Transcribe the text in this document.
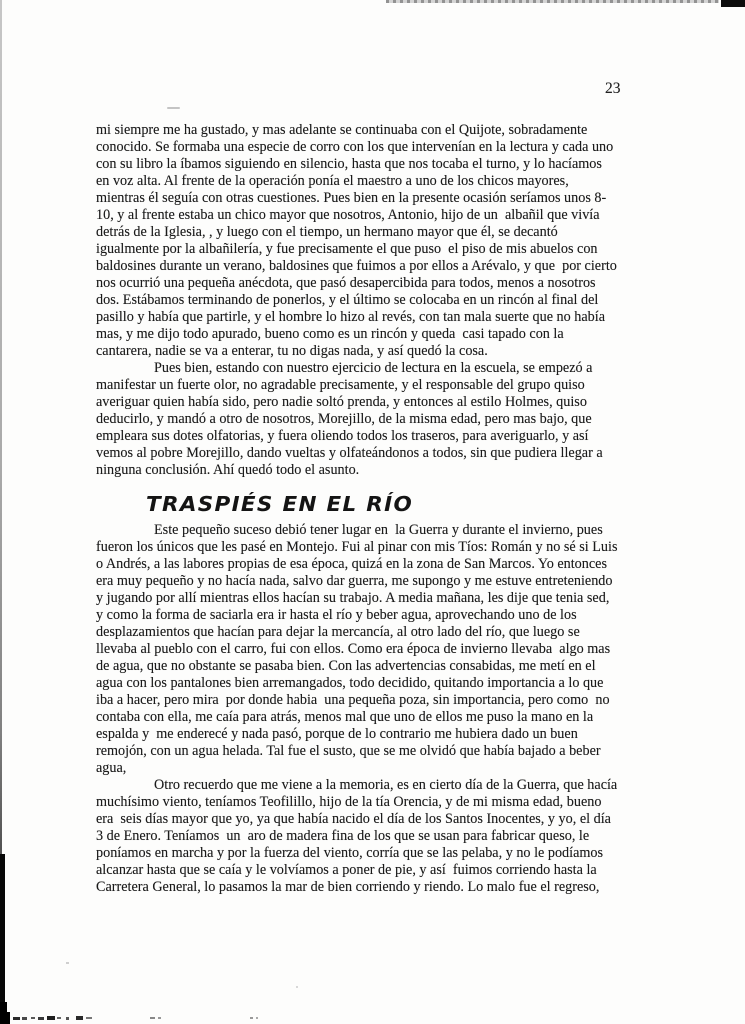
23
mi siempre me ha gustado, y mas adelante se continuaba con el Quijote, sobradamente
conocido. Se formaba una especie de corro con los que intervenían en la lectura y cada uno
con su libro la íbamos siguiendo en silencio, hasta que nos tocaba el turno, y lo hacíamos
en voz alta. Al frente de la operación ponía el maestro a uno de los chicos mayores,
mientras él seguía con otras cuestiones. Pues bien en la presente ocasión seríamos unos 8-
10, y al frente estaba un chico mayor que nosotros, Antonio, hijo de un  albañil que vivía
detrás de la Iglesia, , y luego con el tiempo, un hermano mayor que él, se decantó
igualmente por la albañilería, y fue precisamente el que puso  el piso de mis abuelos con
baldosines durante un verano, baldosines que fuimos a por ellos a Arévalo, y que  por cierto
nos ocurrió una pequeña anécdota, que pasó desapercibida para todos, menos a nosotros
dos. Estábamos terminando de ponerlos, y el último se colocaba en un rincón al final del
pasillo y había que partirle, y el hombre lo hizo al revés, con tan mala suerte que no había
mas, y me dijo todo apurado, bueno como es un rincón y queda  casi tapado con la
cantarera, nadie se va a enterar, tu no digas nada, y así quedó la cosa.
Pues bien, estando con nuestro ejercicio de lectura en la escuela, se empezó a
manifestar un fuerte olor, no agradable precisamente, y el responsable del grupo quiso
averiguar quien había sido, pero nadie soltó prenda, y entonces al estilo Holmes, quiso
deducirlo, y mandó a otro de nosotros, Morejillo, de la misma edad, pero mas bajo, que
empleara sus dotes olfatorias, y fuera oliendo todos los traseros, para averiguarlo, y así
vemos al pobre Morejillo, dando vueltas y olfateándonos a todos, sin que pudiera llegar a
ninguna conclusión. Ahí quedó todo el asunto.
TRASPIÉS EN EL RÍO
Este pequeño suceso debió tener lugar en  la Guerra y durante el invierno, pues
fueron los únicos que les pasé en Montejo. Fui al pinar con mis Tíos: Román y no sé si Luis
o Andrés, a las labores propias de esa época, quizá en la zona de San Marcos. Yo entonces
era muy pequeño y no hacía nada, salvo dar guerra, me supongo y me estuve entreteniendo
y jugando por allí mientras ellos hacían su trabajo. A media mañana, les dije que tenia sed,
y como la forma de saciarla era ir hasta el río y beber agua, aprovechando uno de los
desplazamientos que hacían para dejar la mercancía, al otro lado del río, que luego se
llevaba al pueblo con el carro, fui con ellos. Como era época de invierno llevaba  algo mas
de agua, que no obstante se pasaba bien. Con las advertencias consabidas, me metí en el
agua con los pantalones bien arremangados, todo decidido, quitando importancia a lo que
iba a hacer, pero mira  por donde habia  una pequeña poza, sin importancia, pero como  no
contaba con ella, me caía para atrás, menos mal que uno de ellos me puso la mano en la
espalda y  me enderecé y nada pasó, porque de lo contrario me hubiera dado un buen
remojón, con un agua helada. Tal fue el susto, que se me olvidó que había bajado a beber
agua,
Otro recuerdo que me viene a la memoria, es en cierto día de la Guerra, que hacía
muchísimo viento, teníamos Teofilillo, hijo de la tía Orencia, y de mi misma edad, bueno
era  seis días mayor que yo, ya que había nacido el día de los Santos Inocentes, y yo, el día
3 de Enero. Teníamos  un  aro de madera fina de los que se usan para fabricar queso, le
poníamos en marcha y por la fuerza del viento, corría que se las pelaba, y no le podíamos
alcanzar hasta que se caía y le volvíamos a poner de pie, y así  fuimos corriendo hasta la
Carretera General, lo pasamos la mar de bien corriendo y riendo. Lo malo fue el regreso,
